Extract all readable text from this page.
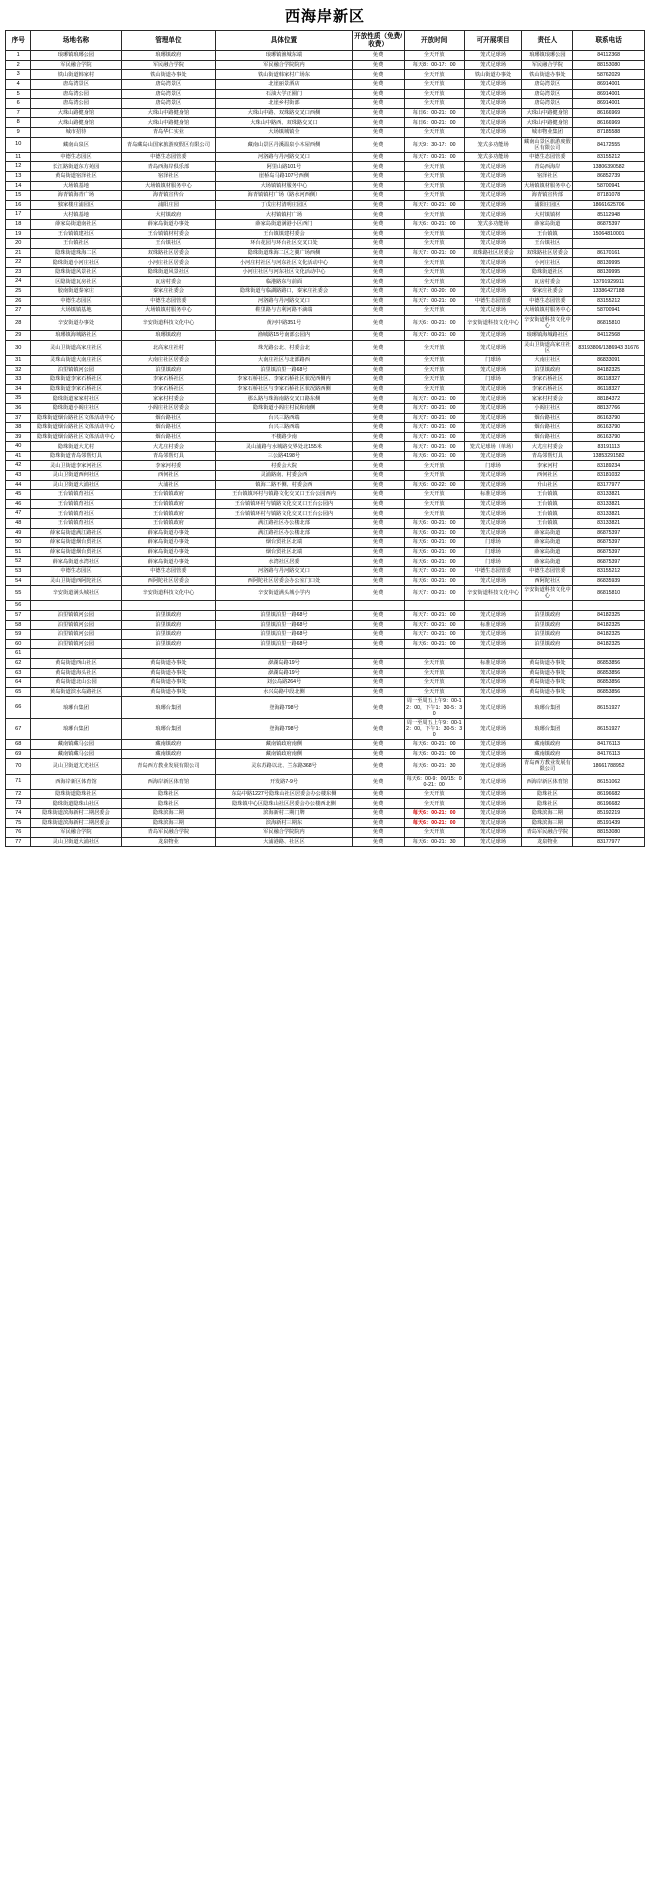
西海岸新区
序号	场地名称	管理单位	具体位置	开放性质（免费/收费）	开放时间	可开展项目	责任人	联系电话
1	琅琊镇琅琊公园	琅琊镇政府	琅琊镇渔城东端	免费	全天开放	笼式足球场	琅琊镇琅琊公园	84112368
2	军民融合学院	军民融合学院	军民融合学院院内	免费	每天8：00-17：00	笼式足球场	军民融合学院	88153080
3	铁山街道韩家村	铁山街道办事处	铁山街道韩家村广场东	免费	全天开放	铁山街道办事处	铁山街道办事处	58762029
4	唐岛湾景区	唐岛湾景区	北崖丽景酒店	免费	全天开放	笼式足球场	唐岛湾景区	86914001
5	唐岛湾公园	唐岛湾景区	石油大学正圈门	免费	全天开放	笼式足球场	唐岛湾景区	86914001
6	唐岛湾公园	唐岛湾景区	北崖乡村街部	免费	全天开放	笼式足球场	唐岛湾景区	86914001
7	大珠山路健身馆	大珠山中路健身馆	大珠山中路、双珠路交叉口西侧	免费	每日6：00-21：00	笼式足球场	大珠山中路健身馆	86166969
8	大珠山路健身馆	大珠山中路健身馆	大珠山中路西、双珠路交叉口	免费	每日6：00-21：00	笼式足球场	大珠山中路健身馆	86166969
9	城市招待	青岛华仁实业	大场镇城镇全	免费	全天开放	笼式足球场	城市物业集团	87185588
10	藏南山泉区	青岛藏岛山国家旅游度假区有限公司	藏南山景区丹溪温泉小木屋西侧	免费	每天9：30-17：00	笼式多功能场	藏南山景区旅游度假区有限公司	84172555
11	中德生态园区	中德生态园管委	河洛路与丹河路交叉口	免费	每天7：00-21：00	笼式多功能场	中德生态园管委	83155212
12	长江路街道东方苑园	青岛西海岸俱乐部	阿里山路101号	免费	全天开放	笼式足球场	青岛西海岸	13806390582
13	黄岛街道宿泽社区	宿泽社区	崖桥岛马路107号西侧	免费	全天开放	笼式足球场	宿泽社区	86852739
14	大场镇基地	大场镇镇材服务中心	大场镇镇材服务中心	免费	全天开放	笼式足球场	大场镇镇材服务中心	58700941
15	海青镇海青广场	海青镇宣传台	海青镇镇村广场（路水河西侧）	免费	全天开放	笼式足球场	海青镇宣传部	87181078
16	独家楼庄浦园区	浦阳庄园	丁戊庄村清明庄园区	免费	每天7：00-21：00	笼式足球场	浦阳庄园区	18661625706
17	大村镇基地	大村镇政府	大村镇镇村广场	免费	全天开放	笼式足球场	大村镇镇材	85112948
18	薛家岛街道南社区	薛家岛街道办事处	薛家岛街道满港小区西门	免费	每天6：00-21：00	笼式多功能场	薛家岛街道	86875397
19	王台镇镇建社区	王台镇镇材村委会	王台镇镇建村委会	免费	全天开放	笼式足球场	王台镇镇	15064810001
20	王台镇社区	王台镇社区	环台花园与环台社区交叉口处	免费	全天开放	笼式足球场	王台镇社区	
21	隐珠街道珠海二区	双珠路社区居委会	隐珠街道珠海二区之翼广场西侧	免费	每天7：00-21：00	双珠路社区居委会	双珠路社区居委会	86170161
22	隐珠街道小河庄社区	小河庄社区居委会	小河庄村社区与河东社区文化活动中心	免费	全天开放	笼式足球场	小河庄社区	88139995
23	隐珠街道风景社区	隐珠街道风景社区	小河庄社区与河东社区文化活动中心	免费	全天开放	笼式足球场	隐珠街道社区	88139995
24	区隐街道瓦房社区	瓦房村委会	临港路东与前面	免费	全天开放	笼式足球场	瓦房村委会	13791929911
25	胶南街道秦家庄	秦家庄社委会	隐珠街道与临湖路路口，秦家庄社委会	免费	每天7：00-20：00	笼式足球场	秦家庄社委会	13386427188
26	中德生态园区	中德生态园管委	河洛路与丹河路交叉口	免费	每天7：00-21：00	中德生态园管委	中德生态园管委	83155212
27	大场镇镇基地	大场镇镇村服务中心	鞋里路与吉利河路不滴端	免费	全天开放	笼式足球场	大场镇镇村服务中心	58700941
28	辛安街道办事处	辛安街道科技文化中心	黄河中路351号	免费	每天6：00-21：00	辛安街道科技文化中心	辛安街道科技文化中心	86815810
29	琅琊镇海城路社区	琅琊镇政府	渔城路15号南部公园内	免费	每天7：00-21：00	笼式足球场	琅琊镇海城路社区	84112568
30	灵山卫街道高家庄社区	北高家庄社村	珠光路公北、村委会北	免费	全天开放	笼式足球场	灵山卫街道高家庄社区	83193806/1386943 31676
31	灵珠山街道大南庄社区	大南庄社区居委会	大南庄社区与北部路西	免费	全天开放	门球场	大南庄社区	86833091
32	泊里镇镇河公园	泊里镇政府	泊里镇泊里一路68号	免费	全天开放	笼式足球场	泊里镇政府	84182325
33	隐珠街道李家石桥社区	李家石桥社区	李家石桥社区、李家石桥社区状况西侧内	免费	全天开放	门球场	李家石桥社区	86118327
34	隐珠街道李家石桥社区	李家石桥社区	李家石桥社区与李家石桥社区状况路西侧	免费	全天开放	笼式足球场	李家石桥社区	86118327
35	隐珠街道家家村社区	家家村村委会	那么路与珠海南路交叉口路东侧	免费	每天7：00-21：00	笼式足球场	家家村村委会	88184372
36	隐珠街道小阁庄社区	小阁庄社区居委会	隐珠街道小阁庄村民和南侧	免费	每天7：00-21：00	笼式足球场	小阁庄社区	88137766
37	隐珠街道烟台路社区文体活动中心	烟台路社区	台兴三路西端	免费	每天7：00-21：00	笼式足球场	烟台路社区	86163790
38	隐珠街道烟台路社区文体活动中心	烟台路社区	台兴三路西端	免费	每天7：00-21：00	笼式足球场	烟台路社区	86163790
39	隐珠街道烟台路社区文体活动中心	烟台路社区	不楼路少南	免费	每天7：00-21：00	笼式足球场	烟台路社区	86163790
40	隐珠街道大尤村	大尤庄村委会	灵山浦路与水城路交界处北155米	免费	每天7：00-21：00	笼式足球场（单场）	大尤庄村委会	83191113
41	隐珠街道青岛邻帮灯具	青岛邻帮灯具	三公路4198号	免费	每天6：00-21：00	笼式足球场	青岛邻帮灯具	13853291582
42	灵山卫街道李家河社区	李家河村委	村委会大院	免费	全天开放	门球场	李家河村	83189234
43	灵山卫街道西何社区	西何社区	灵浦路南、村委会西	免费	全天开放	笼式足球场	西何社区	83181032
44	灵山卫街道大浦社区	大浦社区	镇海二路不侧、村委会西	免费	每天6：00-22：00	笼式足球场	升山社区	83177977
45	王台镇镇育社区	王台镇镇政府	王台镇镇环村与镇路文化交叉口王台公园西内	免费	全天开放	标准足球场	王台镇镇	83133821
46	王台镇镇育社区	王台镇镇政府	王台镇镇环村与镇路文化交叉口王台公园内	免费	全天开放	笼式足球场	王台镇镇	83133821
47	王台镇镇育社区	王台镇镇政府	王台镇镇环村与镇路文化交叉口王台公园内	免费	全天开放	笼式足球场	王台镇镇	83133821
48	王台镇镇育社区	王台镇镇政府	满江路社区办公楼北部	免费	每天6：00-21：00	笼式足球场	王台镇镇	83133821
49	薛家岛街道满江路社区	薛家岛街道办事处	满江路社区办公楼北部	免费	每天6：00-21：00	笼式足球场	薛家岛街道	86875397
50	薛家岛街道烟台贸社区	薛家岛街道办事处	烟台贸社区北端	免费	每天6：00-21：00	门球场	薛家岛街道	86875397
51	薛家岛街道烟台贸社区	薛家岛街道办事处	烟台贸社区北端	免费	每天6：00-21：00	门球场	薛家岛街道	86875397
52	薛家岛街道水湾社区	薛家岛街道办事处	水湾社区居委	免费	每天6：00-21：00	门球场	薛家岛街道	86875397
53	中德生态园区	中德生态园管委	河洛路与丹河路交叉口	免费	每天7：00-21：00	中德生态园管委	中德生态园管委	83155212
54	灵山卫街道西阿陀社区	西阿陀社区居委会	西阿陀社区居委会办公室门口处	免费	每天6：00-21：00	笼式足球场	西阿陀社区	86835939
55	辛安街道满头城社区	辛安街道科技文化中心	辛安街道满头城小学内	免费	每天7：00-21：00	辛安街道科技文化中心	辛安街道科技文化中心	86815810
56								
57	泊里镇镇河公园	泊里镇政府	泊里镇泊里一路68号	免费	每天7：00-21：00	笼式足球场	泊里镇政府	84182325
58	泊里镇镇河公园	泊里镇政府	泊里镇泊里一路68号	免费	每天7：00-21：00	标准足球场	泊里镇政府	84182325
59	泊里镇镇河公园	泊里镇政府	泊里镇泊里一路68号	免费	每天7：00-21：00	笼式足球场	泊里镇政府	84182325
60	泊里镇镇河公园	泊里镇政府	泊里镇泊里一路68号	免费	每天6：00-21：00	笼式足球场	泊里镇政府	84182325
61								
62	黄岛街道西山社区	黄岛街道办事处	澎湖岛路19号	免费	全天开放	标准足球场	黄岛街道办事处	86853856
63	黄岛街道海头社区	黄岛街道办事处	澎湖岛路19号	免费	全天开放	笼式足球场	黄岛街道办事处	86853856
64	黄岛街道北山公园	黄岛街道办事处	刘公岛路264号	免费	全天开放	笼式足球场	黄岛街道办事处	86853856
65	黄岛街道滨水岛路社区	黄岛街道办事处	水兴岛路中段北侧	免费	全天开放	笼式足球场	黄岛街道办事处	86853856
66	琅琊台集团	琅琊台集团	登海路798号	免费	周一至周五上午9：00-12：00，下午1：30-5：30	笼式足球场	琅琊台集团	86151927
67	琅琊台集团	琅琊台集团	登海路798号	免费	周一至周五上午9：00-12：00，下午1：30-5：30	笼式足球场	琅琊台集团	86151927
68	藏南镇藏马公园	藏南镇政府	藏南镇政府南侧	免费	每天6：00-21：00	笼式足球场	藏南镇政府	84176113
69	藏南镇藏马公园	藏南镇政府	藏南镇政府南侧	免费	每天6：00-21：00	笼式足球场	藏南镇政府	84176113
70	灵山卫街道尤光社区	青岛西方教业发展有限公司	灵东苏路以北、兰东路368号	免费	每天6：00-21：30	笼式足球场	青岛西方教业发展有限公司	18661788952
71	西海岸新区体育馆	西海岸新区体育馆	开发路7-9号	免费	每天6：00-9：00/15：00-21：00	笼式足球场	西海岸新区体育馆	86151062
72	隐珠街道隐珠社区	隐珠社区	东岛中路1227号隐珠山社区居委会办公楼东侧	免费	全天开放	笼式足球场	隐珠社区	86196682
73	隐珠街道隐珠山社区	隐珠社区	隐珠镇中心区隐珠山社区居委会办公楼西北侧	免费	全天开放	笼式足球场	隐珠社区	86196682
74	隐珠街道滨海新村二期居委会	隐珠滨海二期	滨海新村二期门牌	免费	每天6：00-21：00	笼式足球场	隐珠滨海二期	85192219
75	隐珠街道滨海新村二期居委会	隐珠滨海三期	滨海新村三期东	免费	每天6：00-21：00	笼式足球场	隐珠滨海三期	85191439
76	军民融合学院	青岛军民融合学院	军民融合学院院内	免费	全天开放	笼式足球场	青岛军民融合学院	88153080
77	灵山卫街道大浦社区	龙泉物业	大浦港路、社区区	免费	每天6：00-21：30	笼式足球场	龙泉物业	83177977
